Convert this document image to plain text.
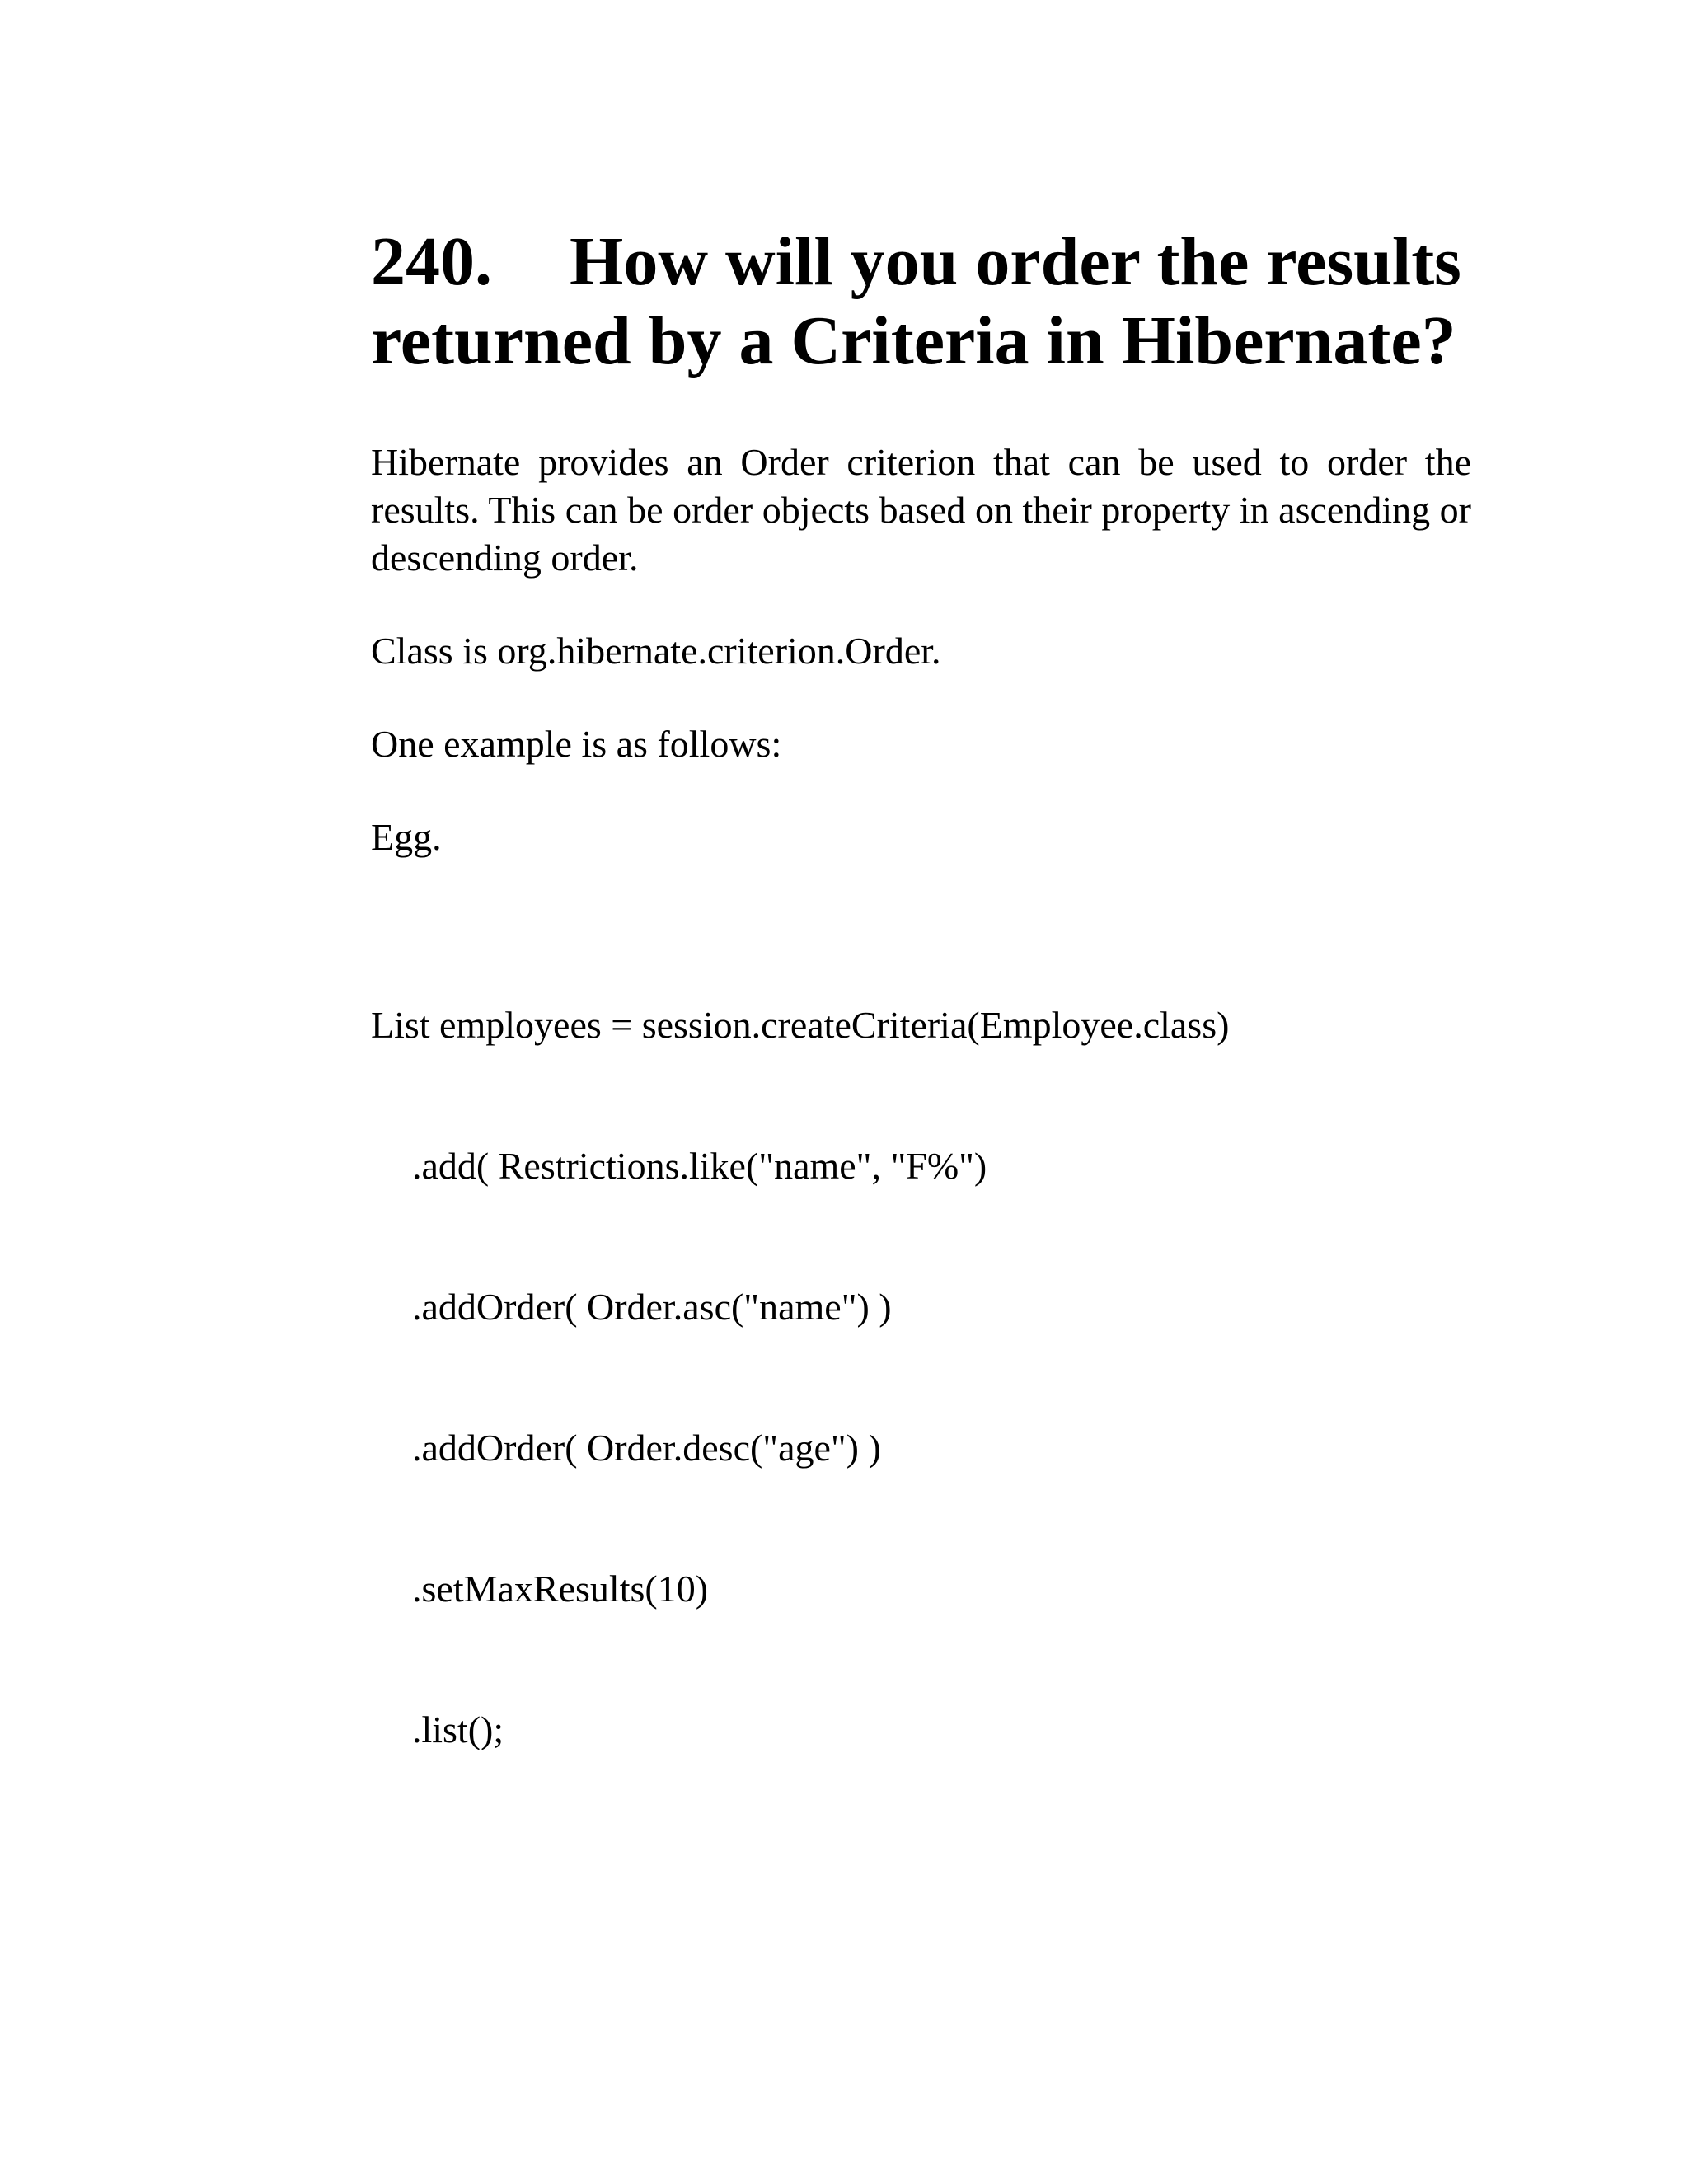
240. How will you order the results
returned by a Criteria in Hibernate?

Hibernate provides an Order criterion that can be used to order the results. This can be order objects based on their property in ascending or descending order.

Class is org.hibernate.criterion.Order.

One example is as follows:

Egg.

List employees = session.createCriteria(Employee.class)

.add( Restrictions.like("name", "F%")

.addOrder( Order.asc("name") )

.addOrder( Order.desc("age") )

.setMaxResults(10)

.list();
